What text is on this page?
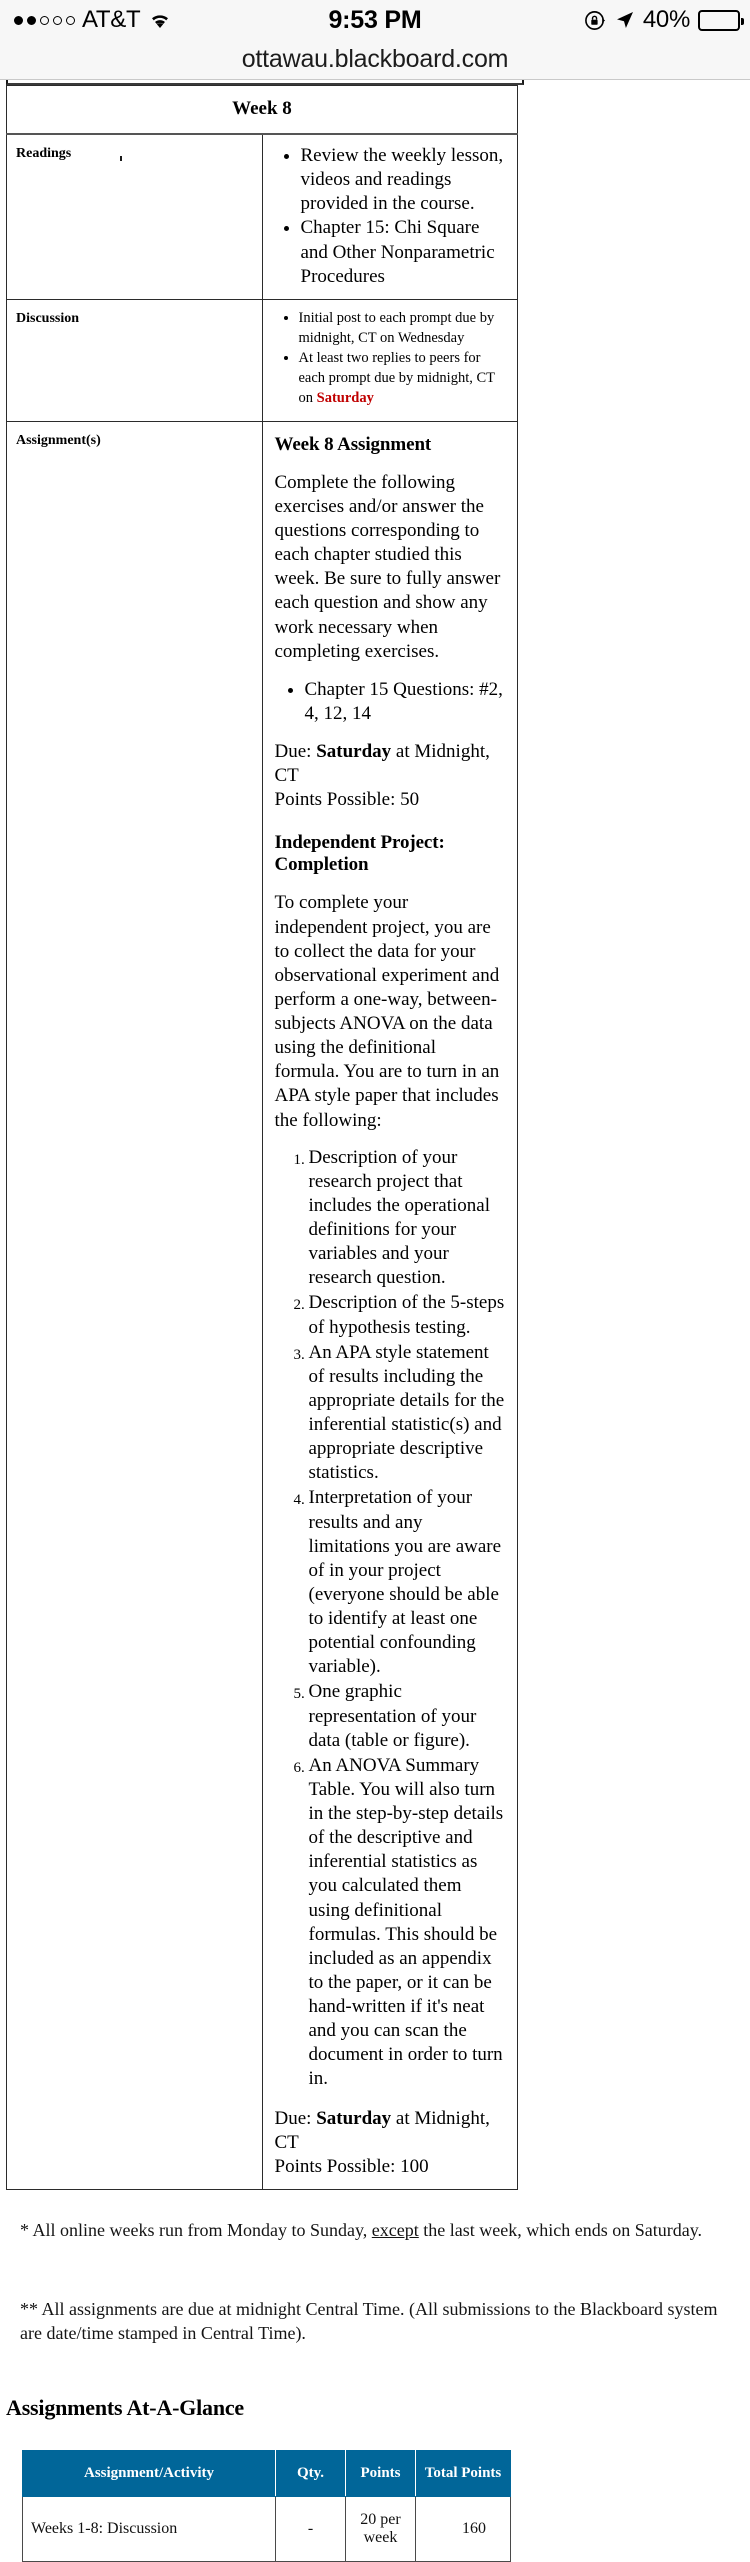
AT&T	9:53 PM	40%
ottawau.blackboard.com
Week 8	
Readings	
•Review the weekly lesson, videos and readings provided in the course.
• Chapter 15: Chi Square and Other Nonparametric Procedures

Discussion	
•Initial post to each prompt due by midnight, CT on Wednesday
• At least two replies to peers for each prompt due by midnight, CT on Saturday

Assignment(s)	Week 8 Assignment

Complete the following exercises and/or answer the questions corresponding to each chapter studied this week. Be sure to fully answer each question and show any work necessary when completing exercises.

• Chapter 15 Questions: #2, 4, 12, 14
Due: Saturday at Midnight, CT
Points Possible: 50
Independent Project: Completion

To complete your independent project, you are to collect the data for your observational experiment and perform a one-way, between-subjects ANOVA on the data using the definitional formula. You are to turn in an APA style paper that includes the following:

1. Description of your research project that includes the operational definitions for your variables and your research question.
2. Description of the 5-steps of hypothesis testing.
3. An APA style statement of results including the appropriate details for the inferential statistic(s) and appropriate descriptive statistics.
4. Interpretation of your results and any limitations you are aware of in your project (everyone should be able to identify at least one potential confounding variable).
5. One graphic representation of your data (table or figure).
6. An ANOVA Summary Table. You will also turn in the step-by-step details of the descriptive and inferential statistics as you calculated them using definitional formulas. This should be included as an appendix to the paper, or it can be hand-written if it's neat and you can scan the document in order to turn in.
Due: Saturday at Midnight, CT
Points Possible: 100

* All online weeks run from Monday to Sunday, except the last week, which ends on Saturday.

** All assignments are due at midnight Central Time. (All submissions to the Blackboard system are date/time stamped in Central Time).

Assignments At-A-Glance
Assignment/Activity	Qty.	Points	Total Points
Weeks 1-8: Discussion	-	20 per week	160
